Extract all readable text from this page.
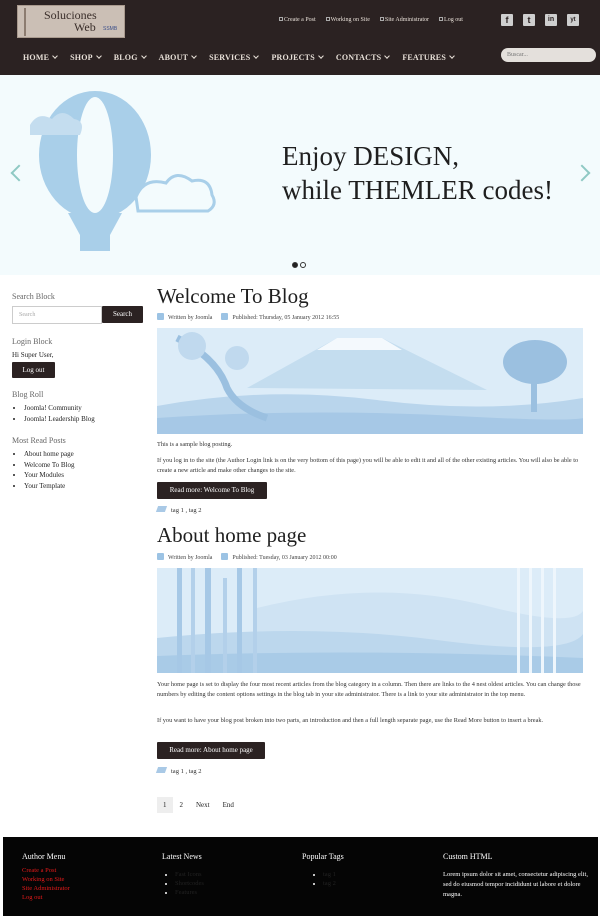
Soluciones
Web SSMB
Create a Post	Working on Site	Site Administrator	Log out	f	t	in	yt
HOME	SHOP	BLOG	ABOUT	SERVICES	PROJECTS	CONTACTS	FEATURES
Buscar...
Enjoy DESIGN,
while THEMLER codes!
Search Block
Search	Search
Login Block
Hi Super User,
Log out
Blog Roll
• Joomla! Community
• Joomla! Leadership Blog
Most Read Posts
• About home page
• Welcome To Blog
• Your Modules
• Your Template
Welcome To Blog
Written by Joomla	Published: Thursday, 05 January 2012 16:55
This is a sample blog posting.
If you log in to the site (the Author Login link is on the very bottom of this page) you will be able to edit it and all of the other existing articles. You will also be able to create a new article and make other changes to the site.
Read more: Welcome To Blog
tag 1 , tag 2
About home page
Written by Joomla	Published: Tuesday, 03 January 2012 00:00
Your home page is set to display the four most recent articles from the blog category in a column. Then there are links to the 4 nest oldest articles. You can change those numbers by editing the content options settings in the blog tab in your site administrator. There is a link to your site administrator in the top menu.
If you want to have your blog post broken into two parts, an introduction and then a full length separate page, use the Read More button to insert a break.
Read more: About home page
tag 1 , tag 2
1	2 Next End
Author Menu
Create a Post
Working on Site
Site Administrator
Log out
Latest News
• Fast Icons
• Shortcodes
• Features
Popular Tags
• tag 1
• tag 2
Custom HTML
Lorem ipsum dolor sit amet, consectetur adipiscing elit, sed do eiusmod tempor incididunt ut labore et dolore magna.
